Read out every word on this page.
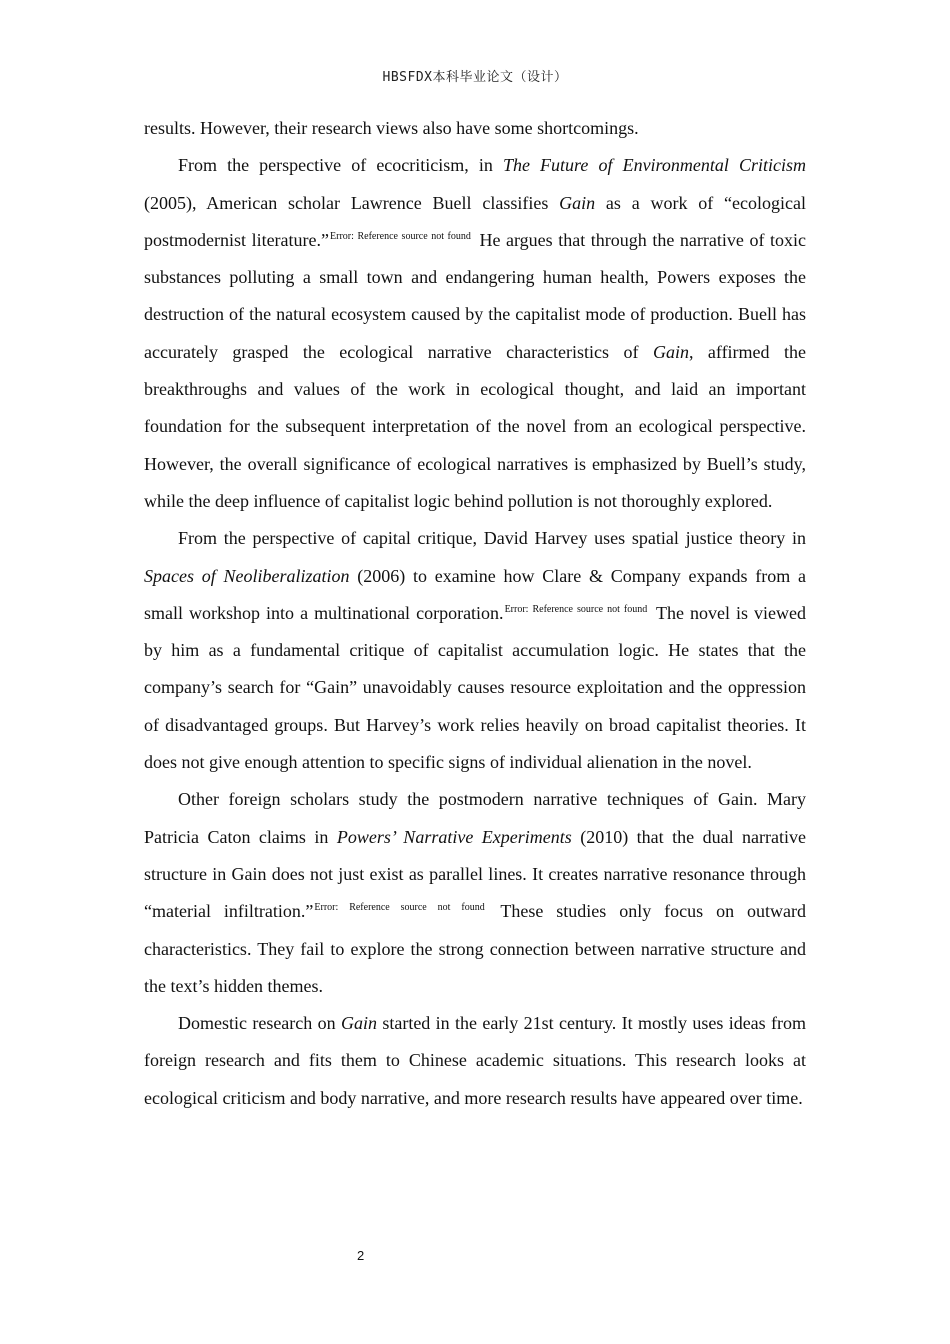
HBSFDX本科毕业论文（设计）

results. However, their research views also have some shortcomings.

From the perspective of ecocriticism, in The Future of Environmental Criticism (2005), American scholar Lawrence Buell classifies Gain as a work of “ecological postmodernist literature.”$^{Error: Reference source not found}$ He argues that through the narrative of toxic substances polluting a small town and endangering human health, Powers exposes the destruction of the natural ecosystem caused by the capitalist mode of production. Buell has accurately grasped the ecological narrative characteristics of Gain, affirmed the breakthroughs and values of the work in ecological thought, and laid an important foundation for the subsequent interpretation of the novel from an ecological perspective. However, the overall significance of ecological narratives is emphasized by Buell’s study, while the deep influence of capitalist logic behind pollution is not thoroughly explored.

From the perspective of capital critique, David Harvey uses spatial justice theory in Spaces of Neoliberalization (2006) to examine how Clare & Company expands from a small workshop into a multinational corporation.$^{Error: Reference source not found}$ The novel is viewed by him as a fundamental critique of capitalist accumulation logic. He states that the company’s search for “Gain” unavoidably causes resource exploitation and the oppression of disadvantaged groups. But Harvey’s work relies heavily on broad capitalist theories. It does not give enough attention to specific signs of individual alienation in the novel.

Other foreign scholars study the postmodern narrative techniques of Gain. Mary Patricia Caton claims in Powers’ Narrative Experiments (2010) that the dual narrative structure in Gain does not just exist as parallel lines. It creates narrative resonance through “material infiltration.”$^{Error: Reference source not found}$ These studies only focus on outward characteristics. They fail to explore the strong connection between narrative structure and the text’s hidden themes.

Domestic research on Gain started in the early 21st century. It mostly uses ideas from foreign research and fits them to Chinese academic situations. This research looks at ecological criticism and body narrative, and more research results have appeared over time.

2
